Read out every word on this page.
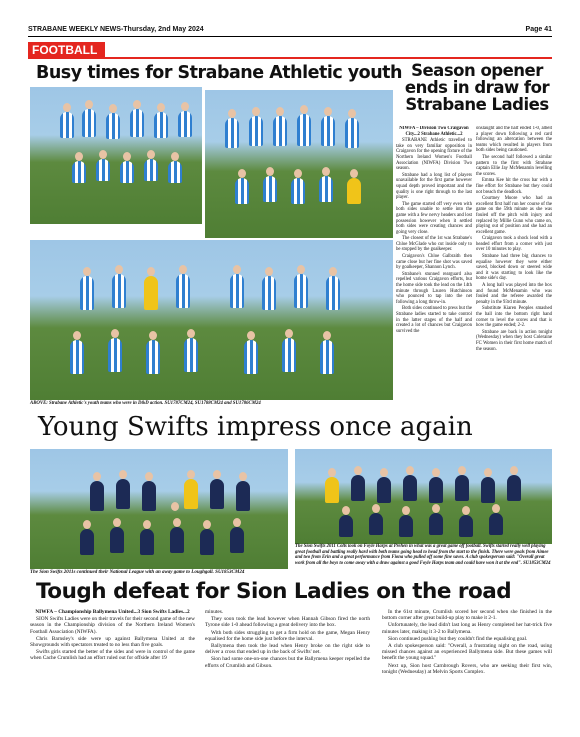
STRABANE WEEKLY NEWS-Thursday, 2nd May 2024	Page 41
FOOTBALL
Busy times for Strabane Athletic youth
ABOVE: Strabane Athletic's youth teams who were in D&D action. SU1787CM24, SU1788CM24 and SU1786CM24
Season opener
ends in draw for
Strabane Ladies

NIWFA – Division Two Craigavon City...2 Strabane Athletic...2

STRABANE Athletic travelled to take on very familiar opposition in Craigavon for the opening fixture of the Northern Ireland Women's Football Association (NIWFA) Division Two season.

Strabane had a long list of players unavailable for the first game however squad depth proved important and the quality is one right through to the last player.

The game started off very even with both sides unable to settle into the game with a few nervy headers and lost possession however when it settled both sides were creating chances and going very close.

The closest of the 1st was Strabane's Chloe McGlade who cut inside only to be stopped by the goalkeeper.

Craigavon's Chloe Galbraith then came close but her fine shot was saved by goalkeeper, Shannon Lynch.

Strabane's stunned rearguard also repelled various Craigavon efforts, but the home side took the lead on the 14th minute through Lauren Hutchinson who pounced to tap into the net following a long throw-in.

Both sides continued to press but the Strabane ladies started to take control in the latter stages of the half and created a lot of chances but Craigavon survived the

onslaught and the half ended 1-0, albeit a player down following a red card following an altercation between the teams which resulted in players from both sides being cautioned.

The second half followed a similar pattern to the first with Strabane captain Ellie Jay McMenamin levelling the scores.

Emma Kee hit the cross bar with a fine effort for Strabane but they could not breach the deadlock.

Courtney Moore who had an excellent first half run her course of the game on the 59th minute as she was fouled off the pitch with injury and replaced by Millie Gunn who came on, playing out of position and she had an excellent game.

Craigavon took a shock lead with a headed effort from a corner with just over 10 minutes to play.

Strabane had three big chances to equalise however they were either saved, blocked down or steered wide and it was starting to look like the home side's day.

A long ball was played into the box and found McMenamin who was fouled and the referee awarded the penalty in the 93rd minute.

Substitute Kiaren Peoples smashed the ball into the bottom right hand corner to level the scores and that is how the game ended; 2-2.

Strabane are back in action tonight (Wednesday) when they host Coleraine FC Women in their first home match of the season.

Young Swifts impress once again
The Sion Swifts 2011s continued their National League with an away game to Loughgall. SU1853CM24
The Sion Swifts 2011 Colts took on Foyle Harps at Prehen in what was a great game off football. Swifts started really well playing great football and battling really hard with both teams going head to head from the start to the finish. There were goals from Aimee and two from Erin and a great performance from Fiona who pulled off some fine saves. A club spokesperson said: "Overall great work from all the boys to come away with a draw against a good Foyle Harps team and could have won it at the end". SU1853CM24
Tough defeat for Sion Ladies on the road

NIWFA – Championship Ballymena United...3 Sion Swifts Ladies...2

SION Swifts Ladies were on their travels for their second game of the new season in the Championship division of the Northern Ireland Women's Football Association (NIWFA).

Chris Barnsley's side were up against Ballymena United at the Showgrounds with spectators treated to no less than five goals.

Swifts girls started the better of the sides and were in control of the game when Cache Crumlish had an effort ruled out for offside after 19

minutes.

They soon took the lead however when Hannah Gibson fired the north Tyrone side 1-0 ahead following a great delivery into the box.

With both sides struggling to get a firm hold on the game, Megan Henry equalised for the home side just before the interval.

Ballymena then took the lead when Henry broke on the right side to deliver a cross that ended up in the back of Swifts' net.

Sion had some one-on-one chances but the Ballymena keeper repelled the efforts of Crumlish and Gibson.

In the 61st minute, Crumlish scored her second when she finished in the bottom corner after great build-up play to make it 2-1.

Unfortunately, the lead didn't last long as Henry completed her hat-trick five minutes later, making it 3-2 to Ballymena.

Sion continued pushing but they couldn't find the equalising goal.

A club spokesperson said: "Overall, a frustrating night on the road, using missed chances against an experienced Ballymena side. But these games will benefit the young squad."

Next up, Sion host Carnbrough Rovers, who are seeking their first win, tonight (Wednesday) at Melvin Sports Complex.
